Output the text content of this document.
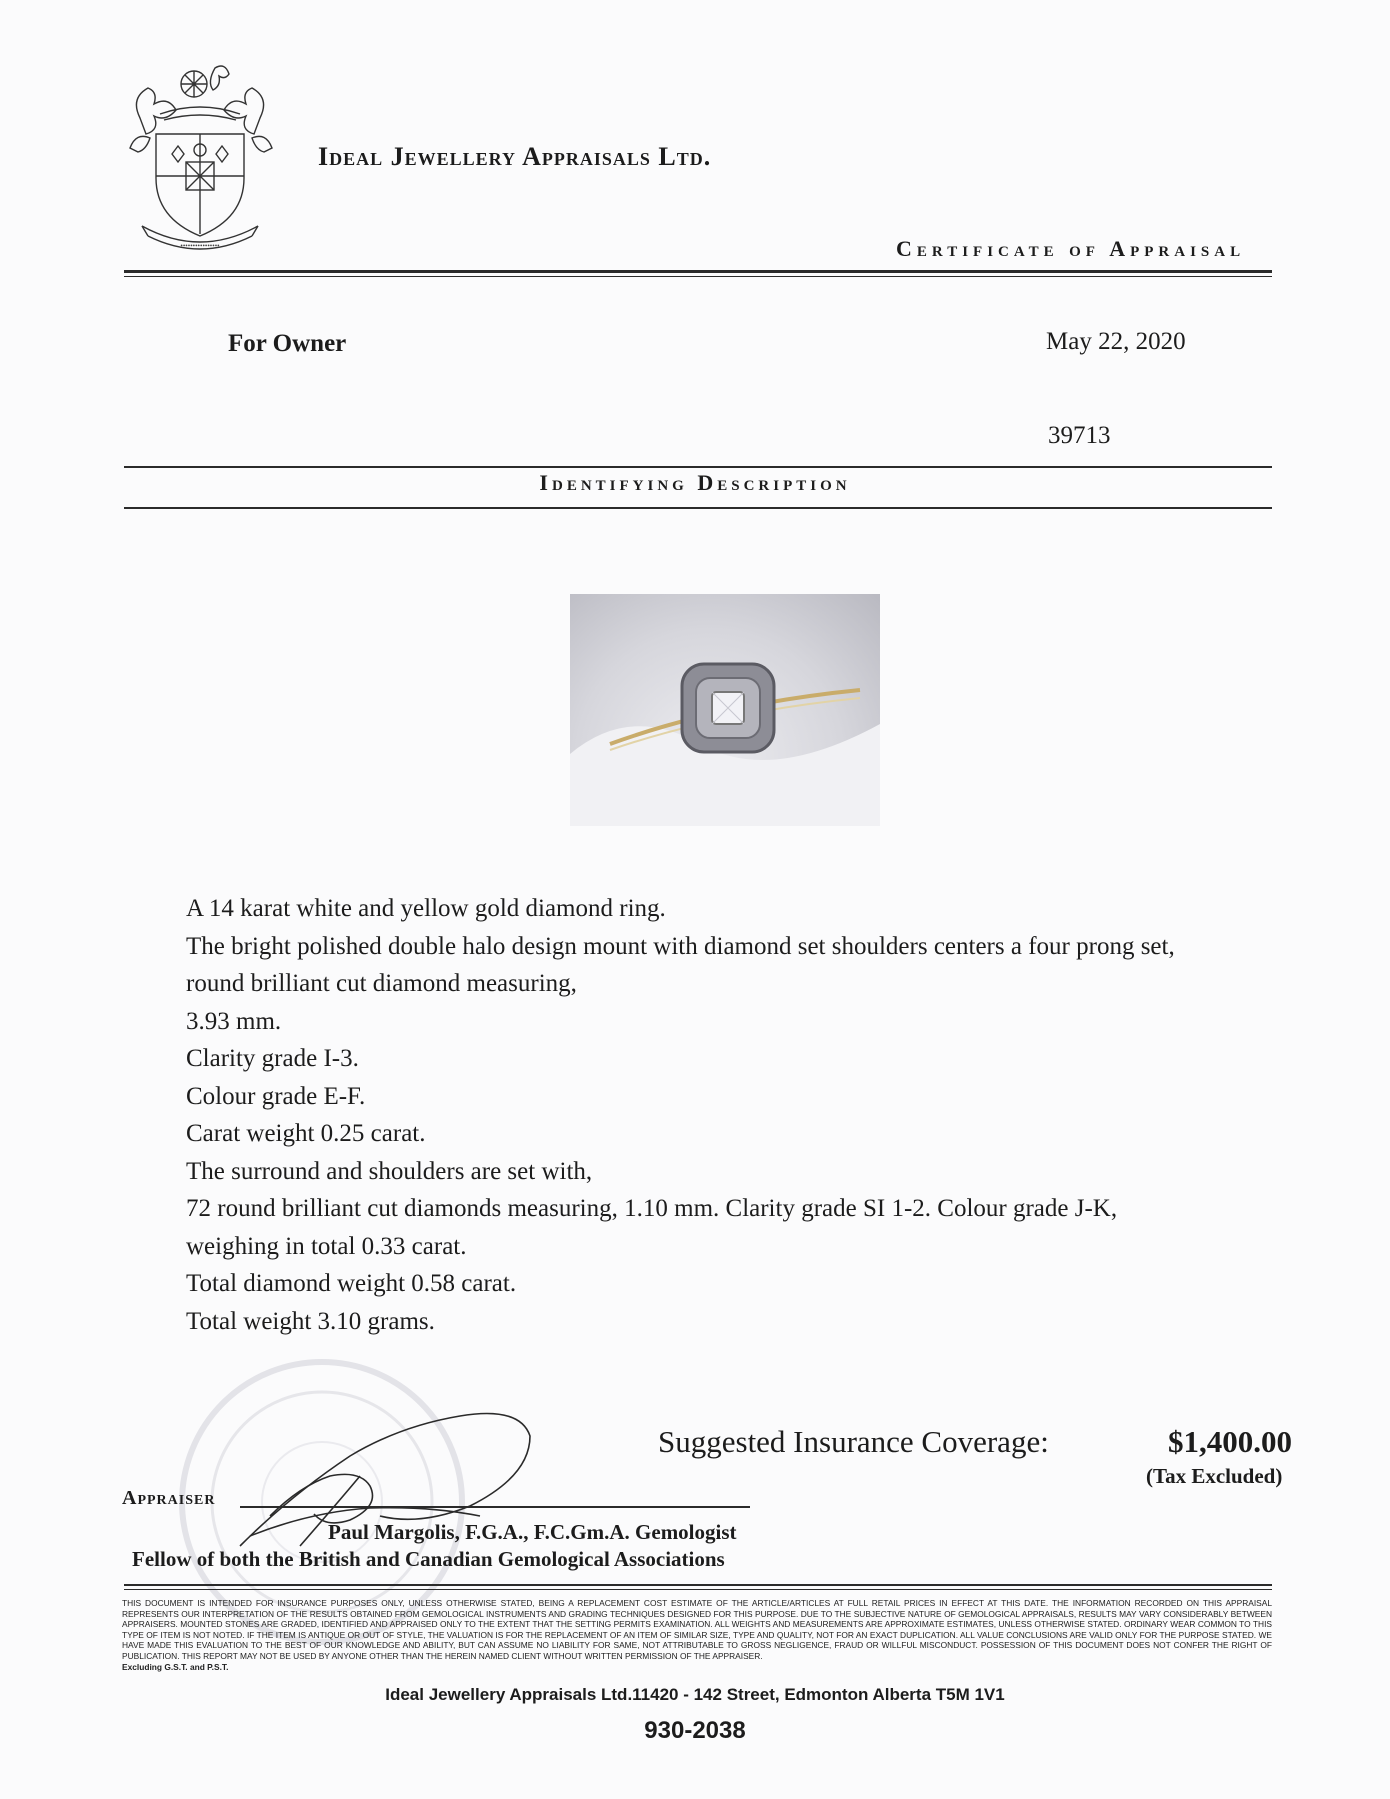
••••••••••••••••
Ideal Jewellery Appraisals Ltd.
Certificate of Appraisal
For Owner	May 22, 2020
39713
Identifying Description
A 14 karat white and yellow gold diamond ring.
The bright polished double halo design mount with diamond set shoulders centers a four prong set,
round brilliant cut diamond measuring,
3.93 mm.
Clarity grade I-3.
Colour grade E-F.
Carat weight 0.25 carat.
The surround and shoulders are set with,
72 round brilliant cut diamonds measuring, 1.10 mm. Clarity grade SI 1-2. Colour grade J-K,
weighing in total 0.33 carat.
Total diamond weight 0.58 carat.
Total weight 3.10 grams.
Suggested Insurance Coverage:	$1,400.00
(Tax Excluded)
Appraiser
Paul Margolis, F.G.A., F.C.Gm.A. Gemologist
Fellow of both the British and Canadian Gemological Associations
THIS DOCUMENT IS INTENDED FOR INSURANCE PURPOSES ONLY, UNLESS OTHERWISE STATED, BEING A REPLACEMENT COST ESTIMATE OF THE ARTICLE/ARTICLES AT FULL RETAIL PRICES IN EFFECT AT THIS DATE. THE INFORMATION RECORDED ON THIS APPRAISAL REPRESENTS OUR INTERPRETATION OF THE RESULTS OBTAINED FROM GEMOLOGICAL INSTRUMENTS AND GRADING TECHNIQUES DESIGNED FOR THIS PURPOSE. DUE TO THE SUBJECTIVE NATURE OF GEMOLOGICAL APPRAISALS, RESULTS MAY VARY CONSIDERABLY BETWEEN APPRAISERS. MOUNTED STONES ARE GRADED, IDENTIFIED AND APPRAISED ONLY TO THE EXTENT THAT THE SETTING PERMITS EXAMINATION. ALL WEIGHTS AND MEASUREMENTS ARE APPROXIMATE ESTIMATES, UNLESS OTHERWISE STATED. ORDINARY WEAR COMMON TO THIS TYPE OF ITEM IS NOT NOTED. IF THE ITEM IS ANTIQUE OR OUT OF STYLE, THE VALUATION IS FOR THE REPLACEMENT OF AN ITEM OF SIMILAR SIZE, TYPE AND QUALITY, NOT FOR AN EXACT DUPLICATION. ALL VALUE CONCLUSIONS ARE VALID ONLY FOR THE PURPOSE STATED. WE HAVE MADE THIS EVALUATION TO THE BEST OF OUR KNOWLEDGE AND ABILITY, BUT CAN ASSUME NO LIABILITY FOR SAME, NOT ATTRIBUTABLE TO GROSS NEGLIGENCE, FRAUD OR WILLFUL MISCONDUCT. POSSESSION OF THIS DOCUMENT DOES NOT CONFER THE RIGHT OF PUBLICATION. THIS REPORT MAY NOT BE USED BY ANYONE OTHER THAN THE HEREIN NAMED CLIENT WITHOUT WRITTEN PERMISSION OF THE APPRAISER.
Excluding G.S.T. and P.S.T.
Ideal Jewellery Appraisals Ltd.11420 - 142 Street, Edmonton Alberta T5M 1V1
930-2038
